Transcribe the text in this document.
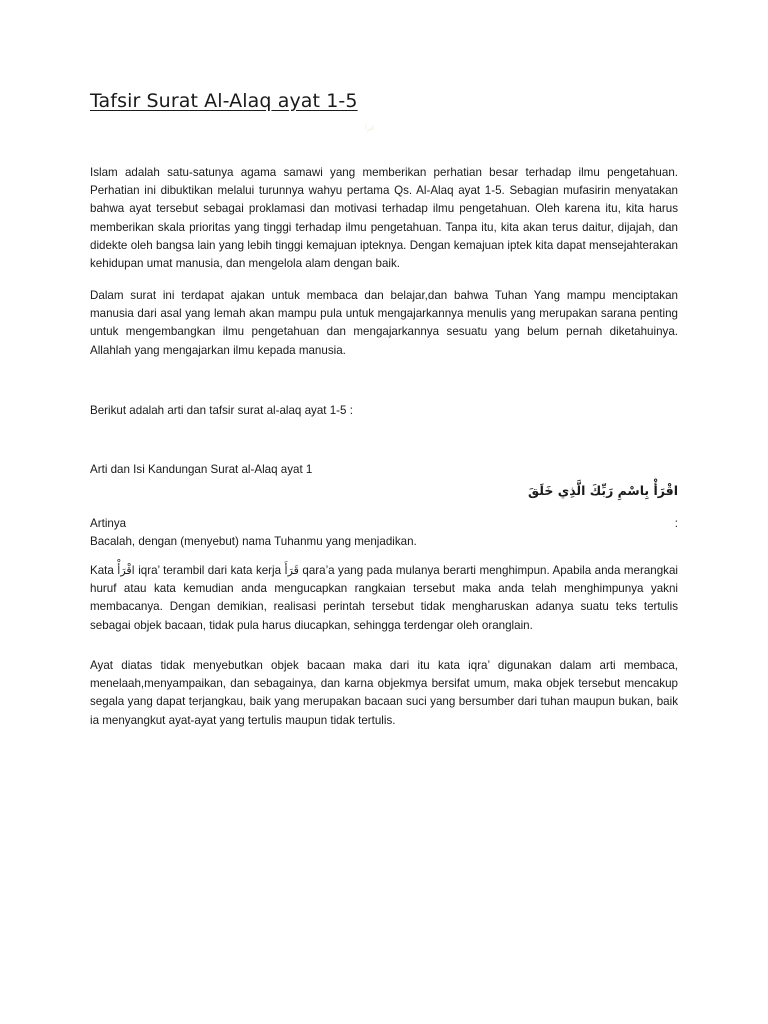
Tafsir Surat Al-Alaq ayat 1-5
قرأ

Islam adalah satu-satunya agama samawi yang memberikan perhatian besar terhadap ilmu pengetahuan. Perhatian ini dibuktikan melalui turunnya wahyu pertama Qs. Al-Alaq ayat 1-5. Sebagian mufasirin menyatakan bahwa ayat tersebut sebagai proklamasi dan motivasi terhadap ilmu pengetahuan. Oleh karena itu, kita harus memberikan skala prioritas yang tinggi terhadap ilmu pengetahuan. Tanpa itu, kita akan terus daitur, dijajah, dan didekte oleh bangsa lain yang lebih tinggi kemajuan ipteknya. Dengan kemajuan iptek kita dapat mensejahterakan kehidupan umat manusia, dan mengelola alam dengan baik.

Dalam surat ini terdapat ajakan untuk membaca dan belajar,dan bahwa Tuhan Yang mampu menciptakan manusia dari asal yang lemah akan mampu pula untuk mengajarkannya menulis yang merupakan sarana penting untuk mengembangkan ilmu pengetahuan dan mengajarkannya sesuatu yang belum pernah diketahuinya. Allahlah yang mengajarkan ilmu kepada manusia.

Berikut adalah arti dan tafsir surat al-alaq ayat 1-5 :

Arti dan Isi Kandungan Surat al-Alaq ayat 1

اقْرَأْ بِاسْمِ رَبِّكَ الَّذِي خَلَقَ
Artinya	:

Bacalah, dengan (menyebut) nama Tuhanmu yang menjadikan.

Kata اقْرَأْ iqra’ terambil dari kata kerja قَرَأَ qara’a yang pada mulanya berarti menghimpun. Apabila anda merangkai huruf atau kata kemudian anda mengucapkan rangkaian tersebut maka anda telah menghimpunya yakni membacanya. Dengan demikian, realisasi perintah tersebut tidak mengharuskan adanya suatu teks tertulis sebagai objek bacaan, tidak pula harus diucapkan, sehingga terdengar oleh oranglain.

Ayat diatas tidak menyebutkan objek bacaan maka dari itu kata iqra’ digunakan dalam arti membaca, menelaah,menyampaikan, dan sebagainya, dan karna objekmya bersifat umum, maka objek tersebut mencakup segala yang dapat terjangkau, baik yang merupakan bacaan suci yang bersumber dari tuhan maupun bukan, baik ia menyangkut ayat-ayat yang tertulis maupun tidak tertulis.
